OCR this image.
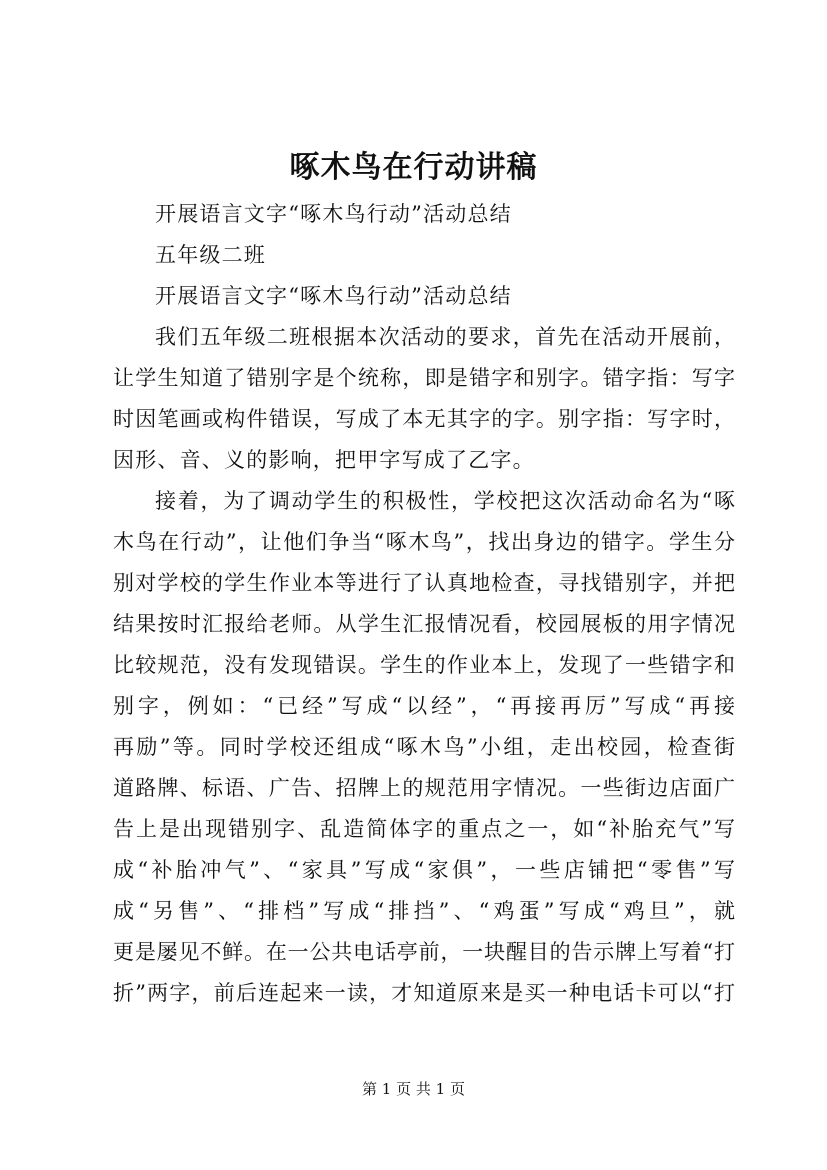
啄木鸟在行动讲稿
开展语言文字“啄木鸟行动”活动总结
五年级二班
开展语言文字“啄木鸟行动”活动总结
我们五年级二班根据本次活动的要求，首先在活动开展前，
让学生知道了错别字是个统称，即是错字和别字。错字指：写字
时因笔画或构件错误，写成了本无其字的字。别字指：写字时，
因形、音、义的影响，把甲字写成了乙字。
接着，为了调动学生的积极性，学校把这次活动命名为“啄
木鸟在行动”，让他们争当“啄木鸟”，找出身边的错字。学生分
别对学校的学生作业本等进行了认真地检查，寻找错别字，并把
结果按时汇报给老师。从学生汇报情况看，校园展板的用字情况
比较规范，没有发现错误。学生的作业本上，发现了一些错字和
别字，例如：“已经”写成“以经”，“再接再厉”写成“再接
再励”等。同时学校还组成“啄木鸟”小组，走出校园，检查街
道路牌、标语、广告、招牌上的规范用字情况。一些街边店面广
告上是出现错别字、乱造简体字的重点之一，如“补胎充气”写
成“补胎冲气”、“家具”写成“家俱”，一些店铺把“零售”写
成“另售”、“排档”写成“排挡”、“鸡蛋”写成“鸡旦”，就
更是屡见不鲜。在一公共电话亭前，一块醒目的告示牌上写着“打
折”两字，前后连起来一读，才知道原来是买一种电话卡可以“打
第 1 页 共 1 页
